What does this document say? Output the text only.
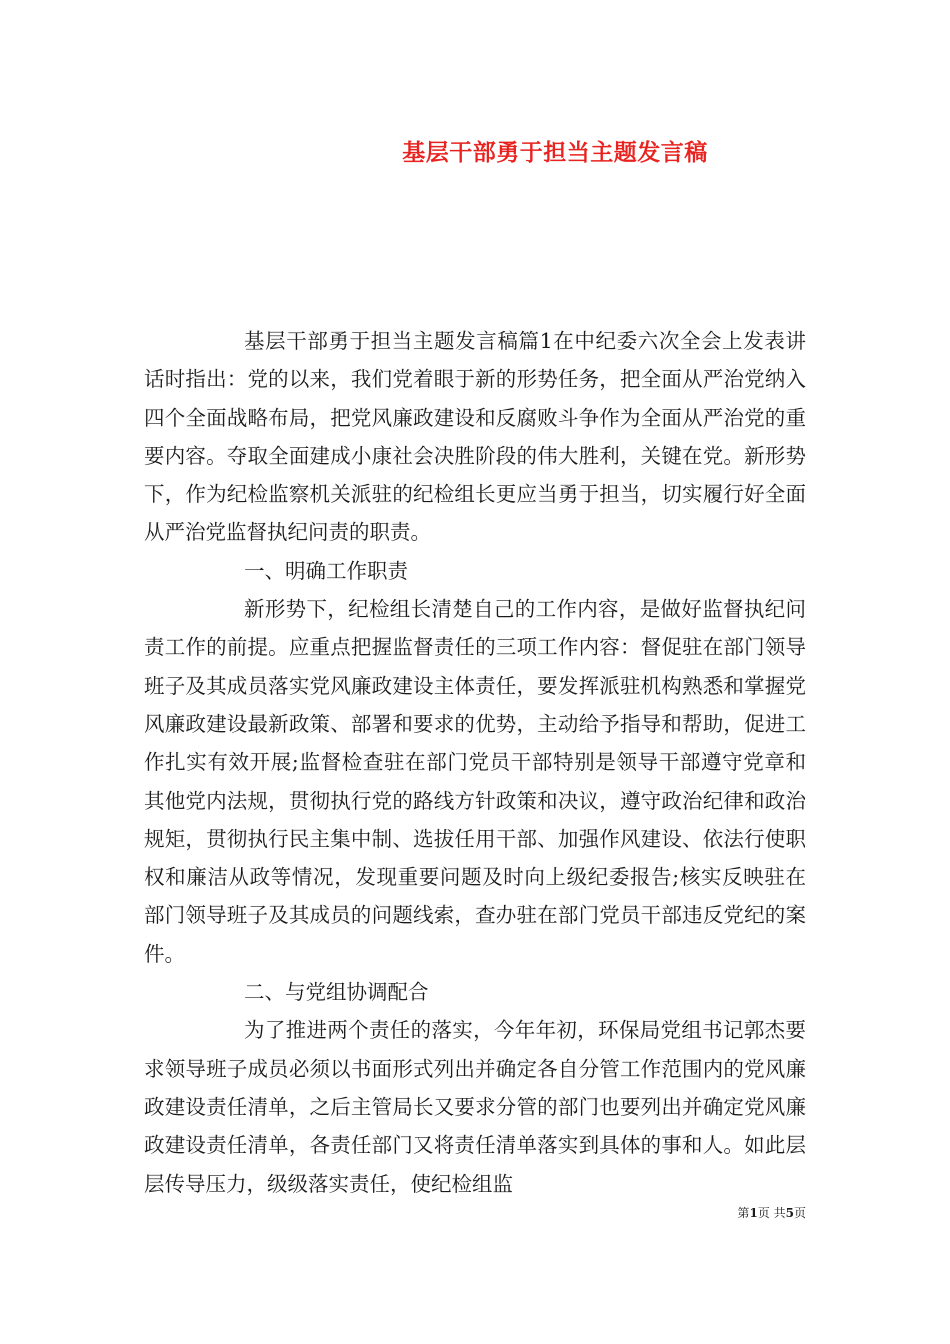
基层干部勇于担当主题发言稿

基层干部勇于担当主题发言稿篇1在中纪委六次全会上发表讲话时指出：党的以来，我们党着眼于新的形势任务，把全面从严治党纳入四个全面战略布局，把党风廉政建设和反腐败斗争作为全面从严治党的重要内容。夺取全面建成小康社会决胜阶段的伟大胜利，关键在党。新形势下，作为纪检监察机关派驻的纪检组长更应当勇于担当，切实履行好全面从严治党监督执纪问责的职责。

一、明确工作职责

新形势下，纪检组长清楚自己的工作内容，是做好监督执纪问责工作的前提。应重点把握监督责任的三项工作内容：督促驻在部门领导班子及其成员落实党风廉政建设主体责任，要发挥派驻机构熟悉和掌握党风廉政建设最新政策、部署和要求的优势，主动给予指导和帮助，促进工作扎实有效开展;监督检查驻在部门党员干部特别是领导干部遵守党章和其他党内法规，贯彻执行党的路线方针政策和决议，遵守政治纪律和政治规矩，贯彻执行民主集中制、选拔任用干部、加强作风建设、依法行使职权和廉洁从政等情况，发现重要问题及时向上级纪委报告;核实反映驻在部门领导班子及其成员的问题线索，查办驻在部门党员干部违反党纪的案件。

二、与党组协调配合

为了推进两个责任的落实，今年年初，环保局党组书记郭杰要求领导班子成员必须以书面形式列出并确定各自分管工作范围内的党风廉政建设责任清单，之后主管局长又要求分管的部门也要列出并确定党风廉政建设责任清单，各责任部门又将责任清单落实到具体的事和人。如此层层传导压力，级级落实责任，使纪检组监

第1页 共5页
